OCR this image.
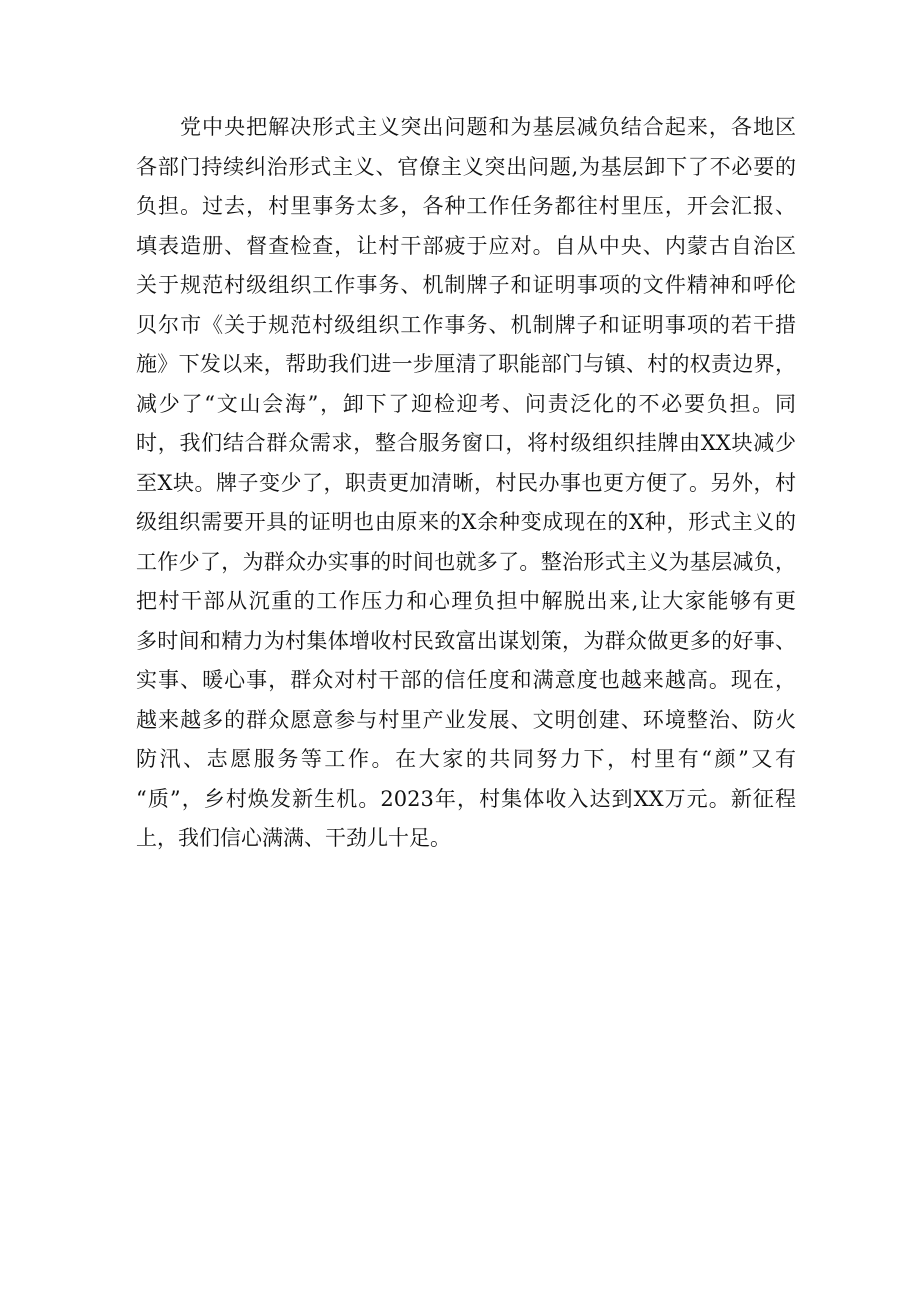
党中央把解决形式主义突出问题和为基层减负结合起来，各地区
各部门持续纠治形式主义、官僚主义突出问题,为基层卸下了不必要的
负担。过去，村里事务太多，各种工作任务都往村里压，开会汇报、
填表造册、督查检查，让村干部疲于应对。自从中央、内蒙古自治区
关于规范村级组织工作事务、机制牌子和证明事项的文件精神和呼伦
贝尔市《关于规范村级组织工作事务、机制牌子和证明事项的若干措
施》下发以来，帮助我们进一步厘清了职能部门与镇、村的权责边界，
减少了“文山会海”，卸下了迎检迎考、问责泛化的不必要负担。同
时，我们结合群众需求，整合服务窗口，将村级组织挂牌由XX块减少
至X块。牌子变少了，职责更加清晰，村民办事也更方便了。另外，村
级组织需要开具的证明也由原来的X余种变成现在的X种，形式主义的
工作少了，为群众办实事的时间也就多了。整治形式主义为基层减负，
把村干部从沉重的工作压力和心理负担中解脱出来,让大家能够有更
多时间和精力为村集体增收村民致富出谋划策，为群众做更多的好事、
实事、暖心事，群众对村干部的信任度和满意度也越来越高。现在，
越来越多的群众愿意参与村里产业发展、文明创建、环境整治、防火
防汛、志愿服务等工作。在大家的共同努力下，村里有“颜”又有
“质”，乡村焕发新生机。2023年，村集体收入达到XX万元。新征程
上，我们信心满满、干劲儿十足。
